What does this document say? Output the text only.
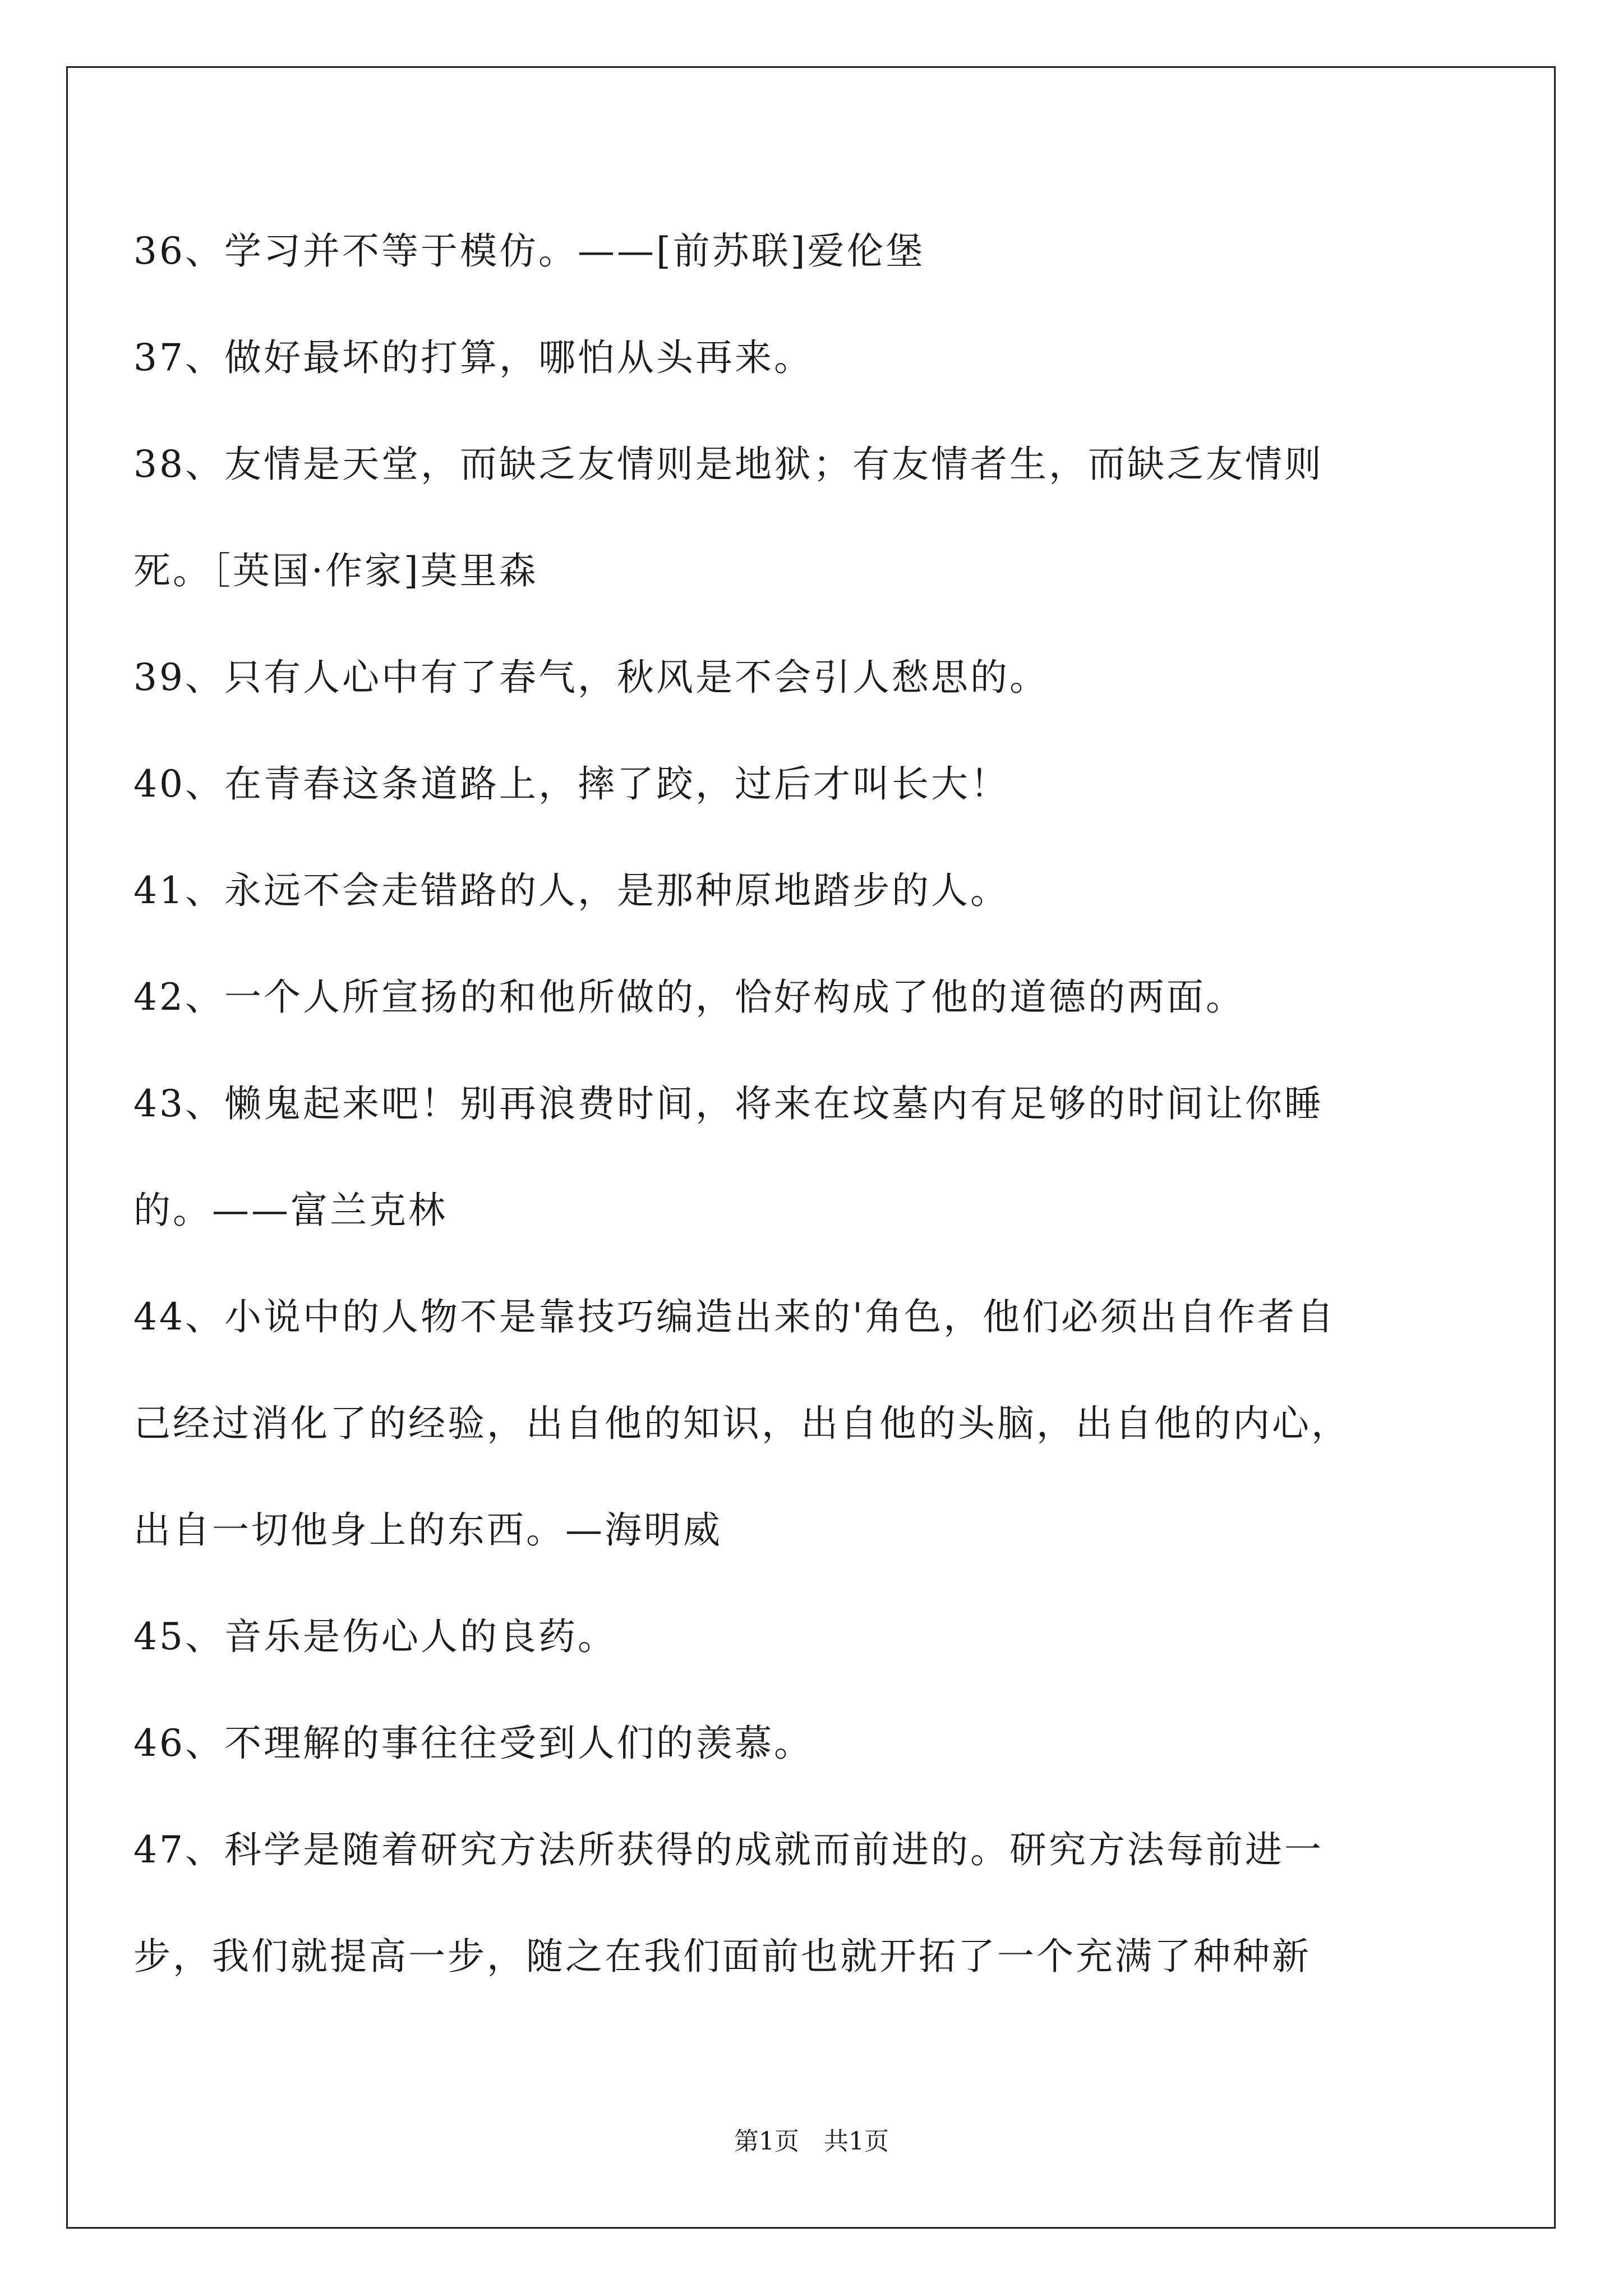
36、学习并不等于模仿。——[前苏联]爱伦堡
37、做好最坏的打算，哪怕从头再来。
38、友情是天堂，而缺乏友情则是地狱；有友情者生，而缺乏友情则
死。［英国·作家]莫里森
39、只有人心中有了春气，秋风是不会引人愁思的。
40、在青春这条道路上，摔了跤，过后才叫长大！
41、永远不会走错路的人，是那种原地踏步的人。
42、一个人所宣扬的和他所做的，恰好构成了他的道德的两面。
43、懒鬼起来吧！别再浪费时间，将来在坟墓内有足够的时间让你睡
的。——富兰克林
44、小说中的人物不是靠技巧编造出来的'角色，他们必须出自作者自
己经过消化了的经验，出自他的知识，出自他的头脑，出自他的内心，
出自一切他身上的东西。—海明威
45、音乐是伤心人的良药。
46、不理解的事往往受到人们的羡慕。
47、科学是随着研究方法所获得的成就而前进的。研究方法每前进一
步，我们就提高一步，随之在我们面前也就开拓了一个充满了种种新
第1页　共1页
